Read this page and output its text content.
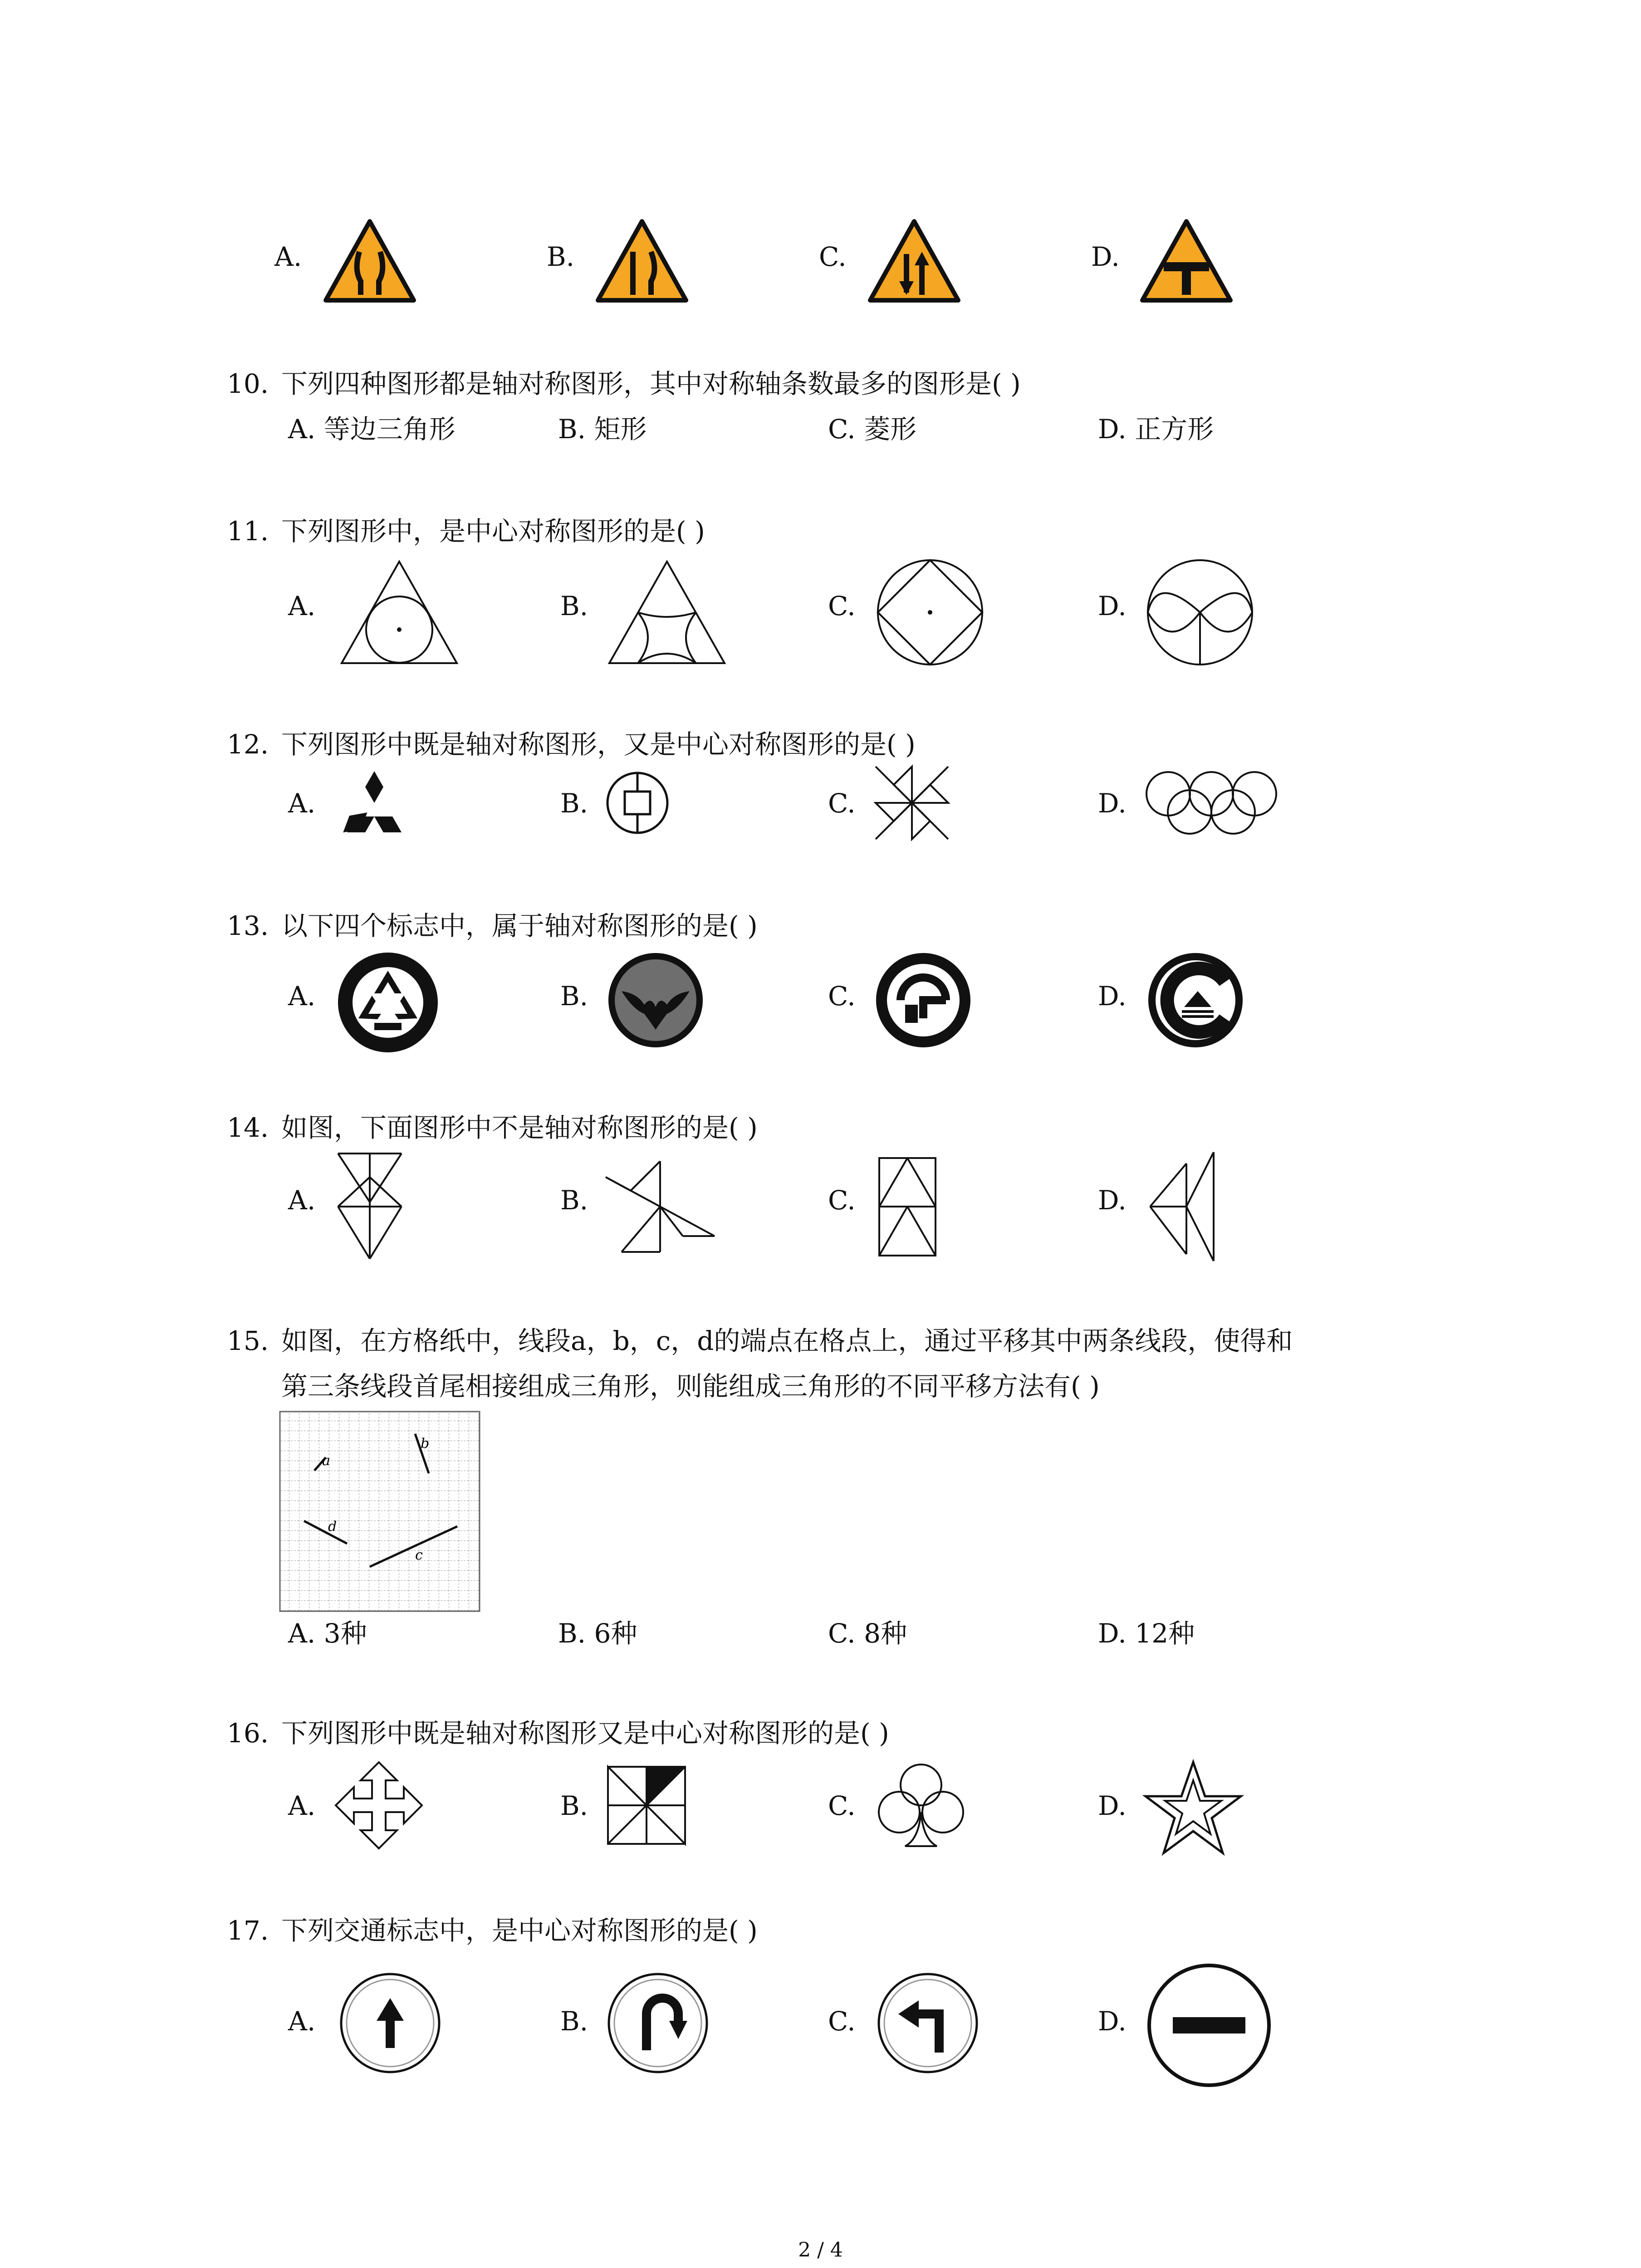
A.	B.	C.	D.
10. 下列四种图形都是轴对称图形，其中对称轴条数最多的图形是( )
A. 等边三角形	B. 矩形	C. 菱形	D. 正方形
11. 下列图形中，是中心对称图形的是( )
A.	B.	C.	D.
12. 下列图形中既是轴对称图形，又是中心对称图形的是( )
A.	B.	C.	D.
13. 以下四个标志中，属于轴对称图形的是( )
A.	B.	C.	D.
14. 如图，下面图形中不是轴对称图形的是( )
A.	B.	C.	D.
15. 如图，在方格纸中，线段a，b，c，d的端点在格点上，通过平移其中两条线段，使得和
第三条线段首尾相接组成三角形，则能组成三角形的不同平移方法有( )
a
b
c
d
A. 3种	B. 6种	C. 8种	D. 12种
16. 下列图形中既是轴对称图形又是中心对称图形的是( )
A.	B.	C.	D.
17. 下列交通标志中，是中心对称图形的是( )
A.	B.	C.	D.
2 / 4
